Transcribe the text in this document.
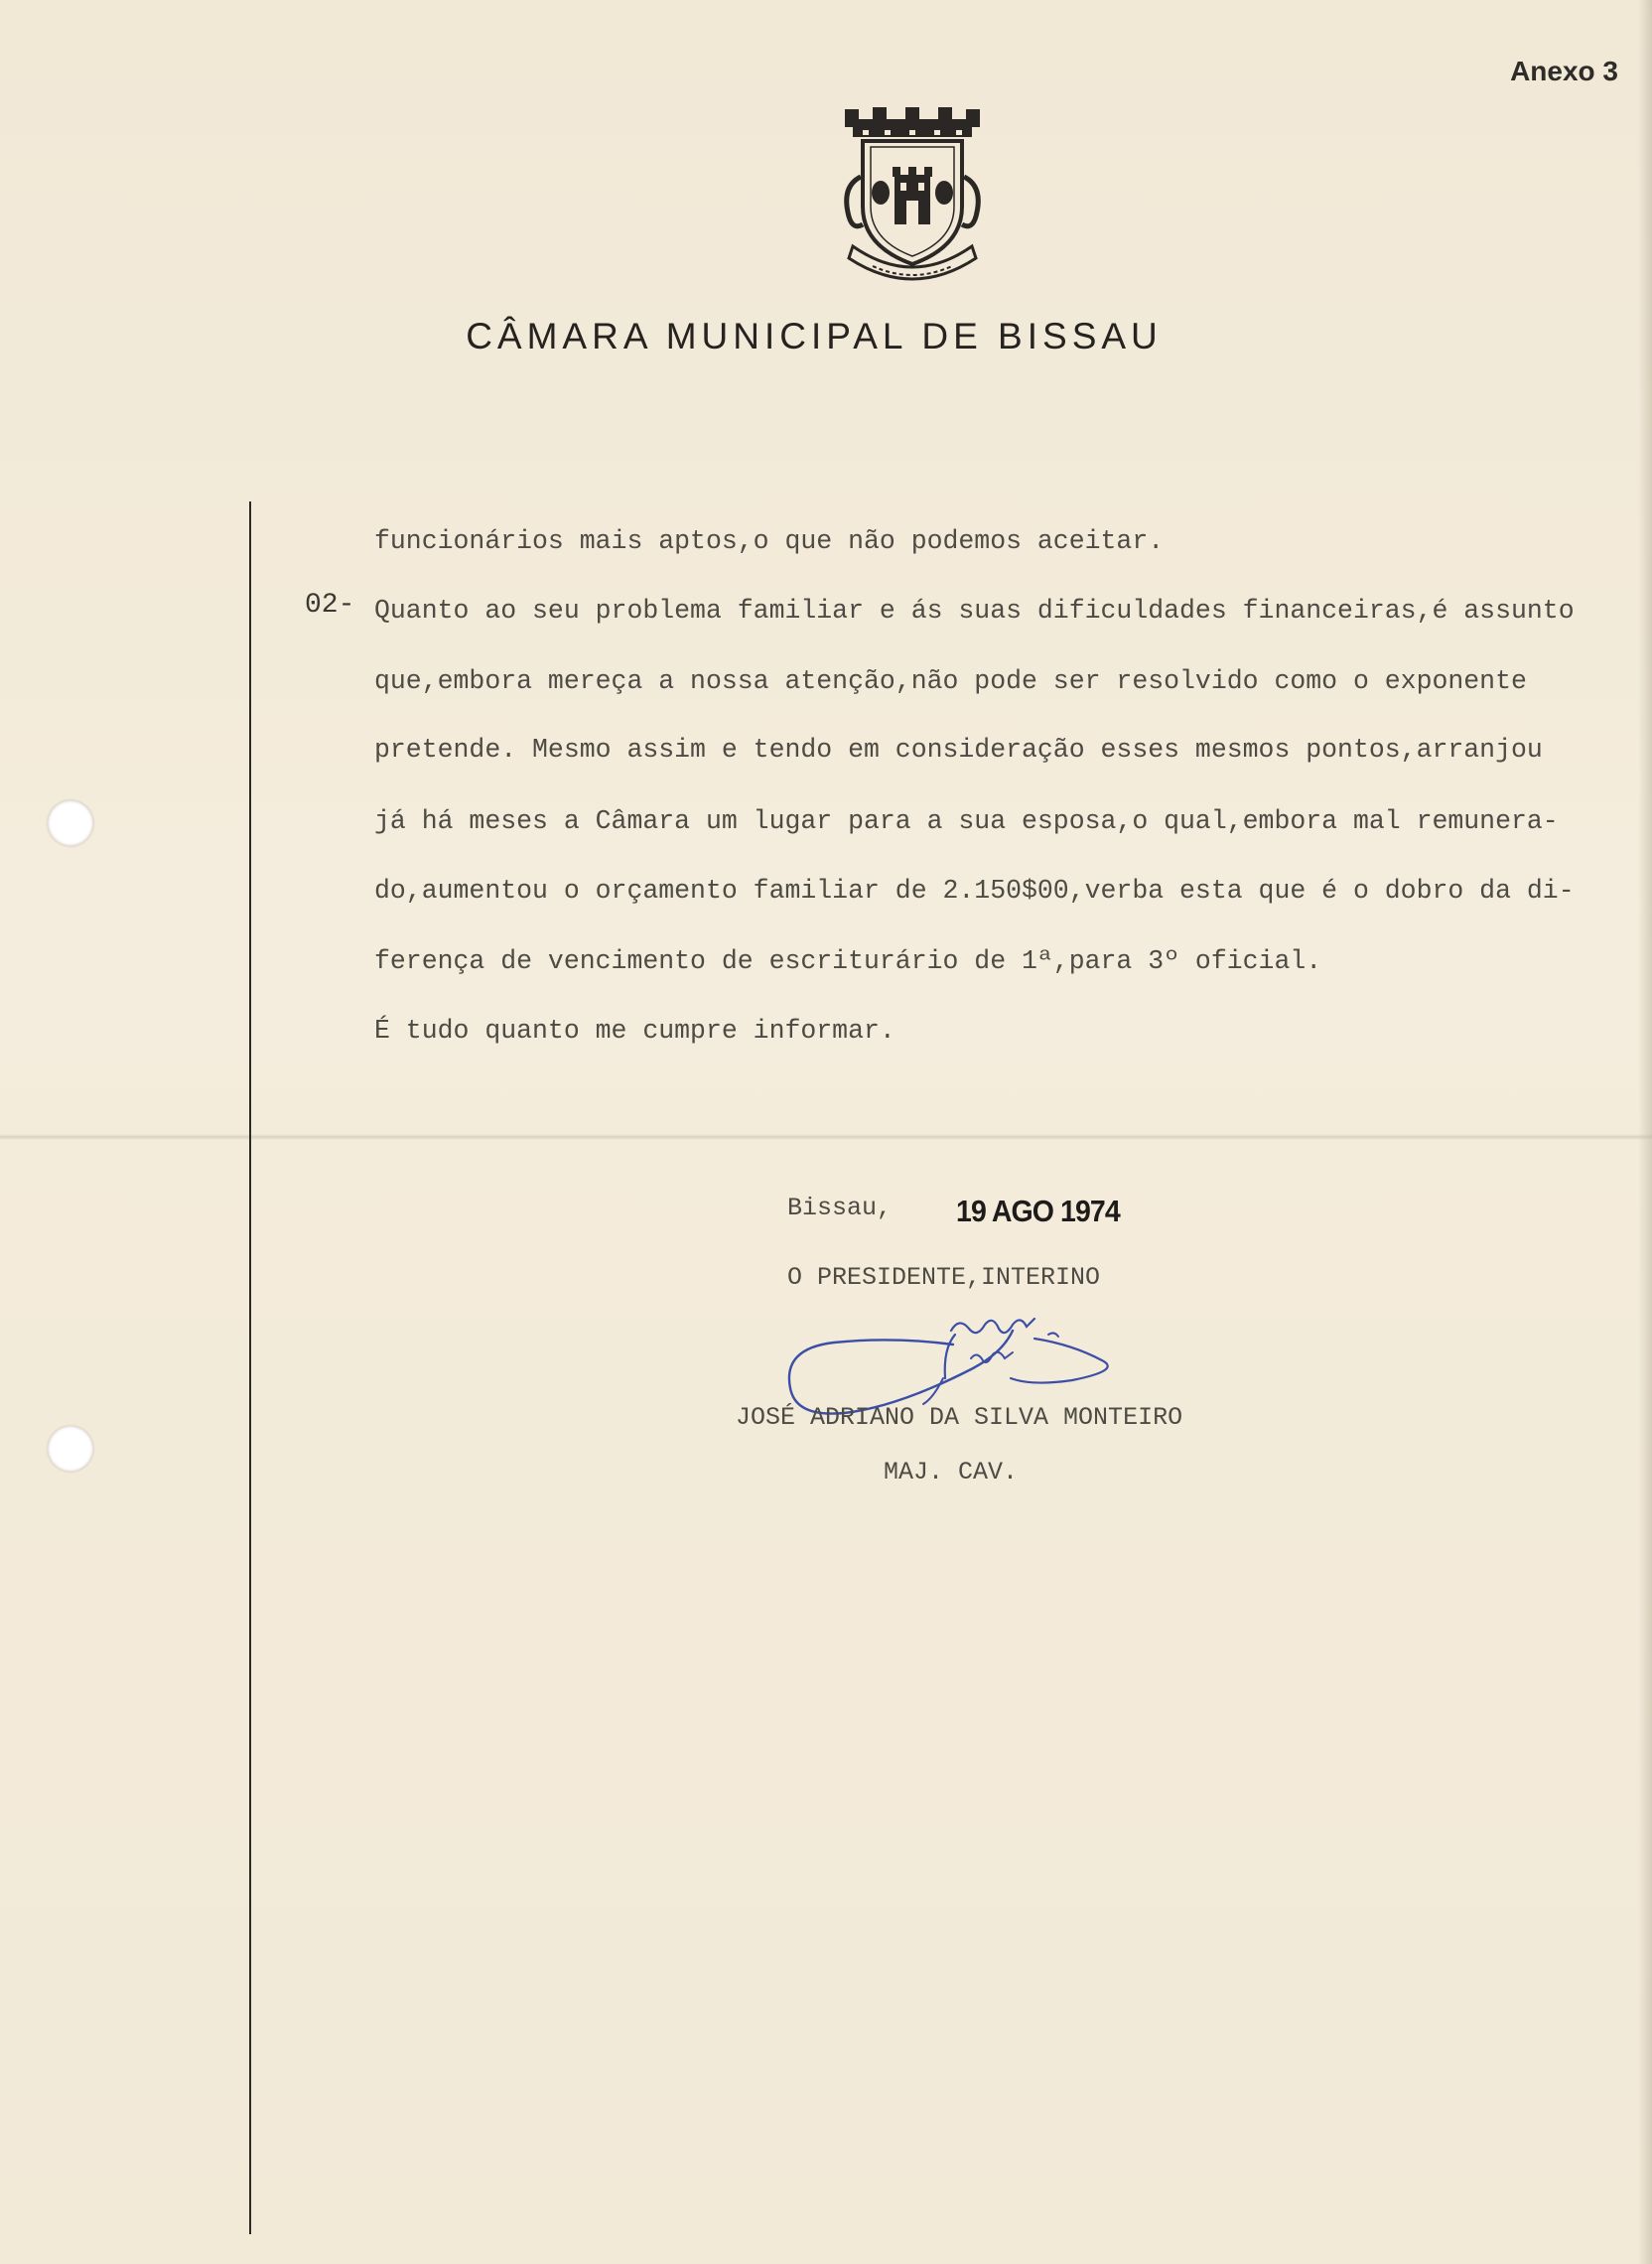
Anexo 3
CÂMARA MUNICIPAL DE BISSAU
02-
funcionários mais aptos,o que não podemos aceitar.
Quanto ao seu problema familiar e ás suas dificuldades financeiras,é assunto
que,embora mereça a nossa atenção,não pode ser resolvido como o exponente
pretende. Mesmo assim e tendo em consideração esses mesmos pontos,arranjou
já há meses a Câmara um lugar para a sua esposa,o qual,embora mal remunera-
do,aumentou o orçamento familiar de 2.150$00,verba esta que é o dobro da di-
ferença de vencimento de escriturário de 1ª,para 3º oficial.
É tudo quanto me cumpre informar.
Bissau, 19 AGO 1974
O PRESIDENTE,INTERINO
JOSÉ ADRIANO DA SILVA MONTEIRO
MAJ. CAV.
